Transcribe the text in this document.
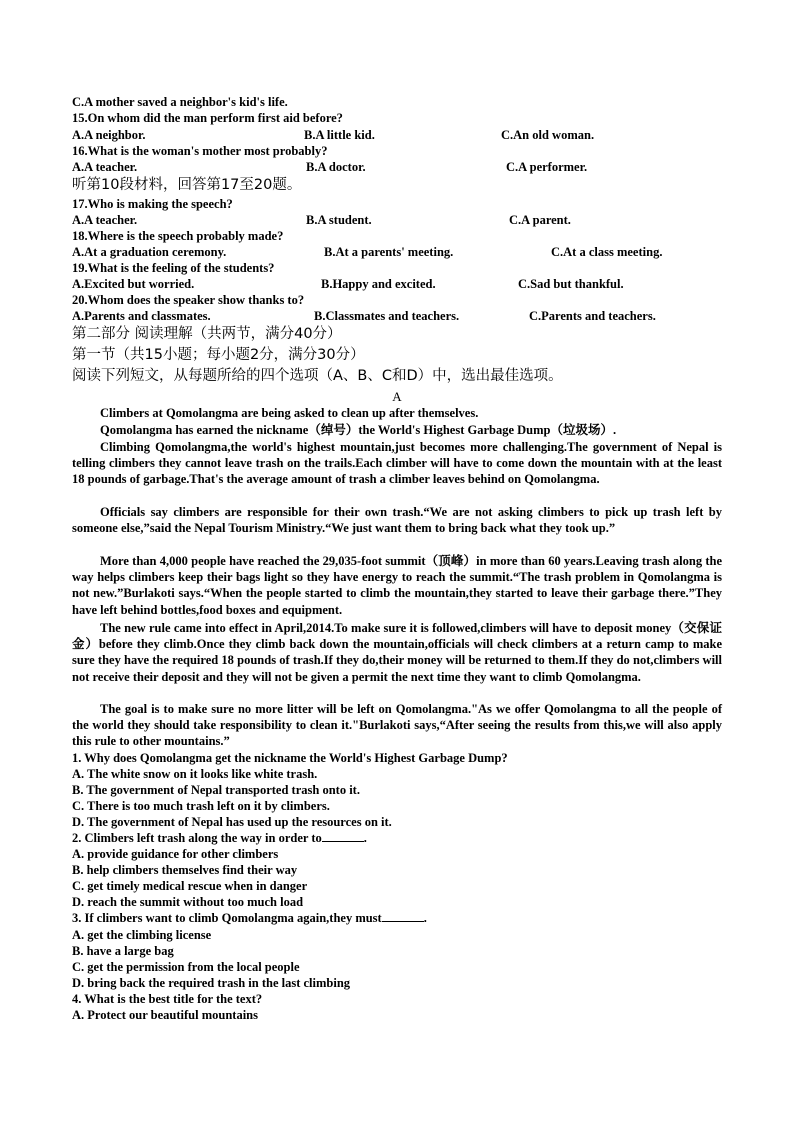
C.A mother saved a neighbor's kid's life.
15.On whom did the man perform first aid before?
A.A neighbor.	B.A little kid.	C.An old woman.
16.What is the woman's mother most probably?
A.A teacher.	B.A doctor.	C.A performer.
听第10段材料，回答第17至20题。
17.Who is making the speech?
A.A teacher.	B.A student.	C.A parent.
18.Where is the speech probably made?
A.At a graduation ceremony.	B.At a parents' meeting.	C.At a class meeting.
19.What is the feeling of the students?
A.Excited but worried.	B.Happy and excited.	C.Sad but thankful.
20.Whom does the speaker show thanks to?
A.Parents and classmates.	B.Classmates and teachers.	C.Parents and teachers.
第二部分 阅读理解（共两节，满分40分）
第一节（共15小题；每小题2分，满分30分）
阅读下列短文，从每题所给的四个选项（A、B、C和D）中，选出最佳选项。
A
Climbers at Qomolangma are being asked to clean up after themselves.
Qomolangma has earned the nickname（绰号）the World's Highest Garbage Dump（垃圾场）.
Climbing Qomolangma,the world's highest mountain,just becomes more challenging.The government of Nepal is telling climbers they cannot leave trash on the trails.Each climber will have to come down the mountain with at the least 18 pounds of garbage.That's the average amount of trash a climber leaves behind on Qomolangma.
Officials say climbers are responsible for their own trash.“We are not asking climbers to pick up trash left by someone else,”said the Nepal Tourism Ministry.“We just want them to bring back what they took up.”
More than 4,000 people have reached the 29,035-foot summit（顶峰）in more than 60 years.Leaving trash along the way helps climbers keep their bags light so they have energy to reach the summit.“The trash problem in Qomolangma is not new.”Burlakoti says.“When the people started to climb the mountain,they started to leave their garbage there.”They have left behind bottles,food boxes and equipment.
The new rule came into effect in April,2014.To make sure it is followed,climbers will have to deposit money（交保证金）before they climb.Once they climb back down the mountain,officials will check climbers at a return camp to make sure they have the required 18 pounds of trash.If they do,their money will be returned to them.If they do not,climbers will not receive their deposit and they will not be given a permit the next time they want to climb Qomolangma.
The goal is to make sure no more litter will be left on Qomolangma."As we offer Qomolangma to all the people of the world they should take responsibility to clean it."Burlakoti says,“After seeing the results from this,we will also apply this rule to other mountains.”
1. Why does Qomolangma get the nickname the World's Highest Garbage Dump?
A. The white snow on it looks like white trash.
B. The government of Nepal transported trash onto it.
C. There is too much trash left on it by climbers.
D. The government of Nepal has used up the resources on it.
2. Climbers left trash along the way in order to	.
A. provide guidance for other climbers
B. help climbers themselves find their way
C. get timely medical rescue when in danger
D. reach the summit without too much load
3. If climbers want to climb Qomolangma again,they must	.
A. get the climbing license
B. have a large bag
C. get the permission from the local people
D. bring back the required trash in the last climbing
4. What is the best title for the text?
A. Protect our beautiful mountains
